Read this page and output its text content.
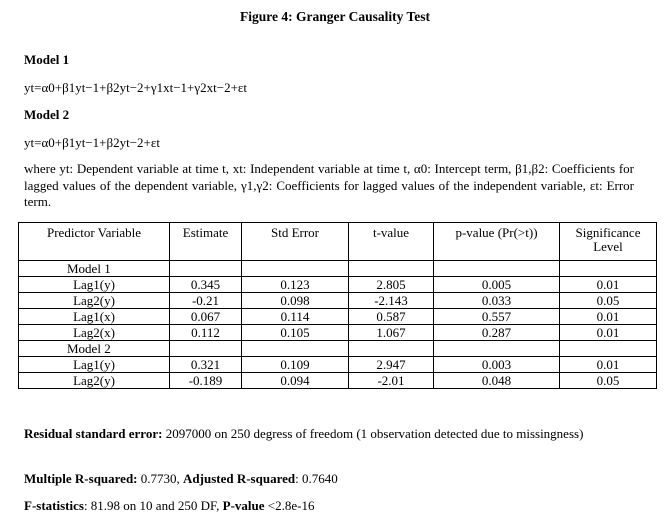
Figure 4: Granger Causality Test
Model 1
yt=α0+β1yt−1+β2yt−2+γ1xt−1+γ2xt−2+εt
Model 2
yt=α0+β1yt−1+β2yt−2+εt
where yt: Dependent variable at time t, xt: Independent variable at time t, α0: Intercept term, β1,β2: Coefficients for lagged values of the dependent variable, γ1,γ2: Coefficients for lagged values of the independent variable, εt: Error term.
Predictor Variable	Estimate	Std Error	t-value	p-value (Pr(>t))	Significance Level
Model 1					
Lag1(y)	0.345	0.123	2.805	0.005	0.01
Lag2(y)	-0.21	0.098	-2.143	0.033	0.05
Lag1(x)	0.067	0.114	0.587	0.557	0.01
Lag2(x)	0.112	0.105	1.067	0.287	0.01
Model 2					
Lag1(y)	0.321	0.109	2.947	0.003	0.01
Lag2(y)	-0.189	0.094	-2.01	0.048	0.05
Residual standard error: 2097000 on 250 degress of freedom (1 observation detected due to missingness)
Multiple R-squared: 0.7730, Adjusted R-squared: 0.7640
F-statistics: 81.98 on 10 and 250 DF, P-value <2.8e-16
